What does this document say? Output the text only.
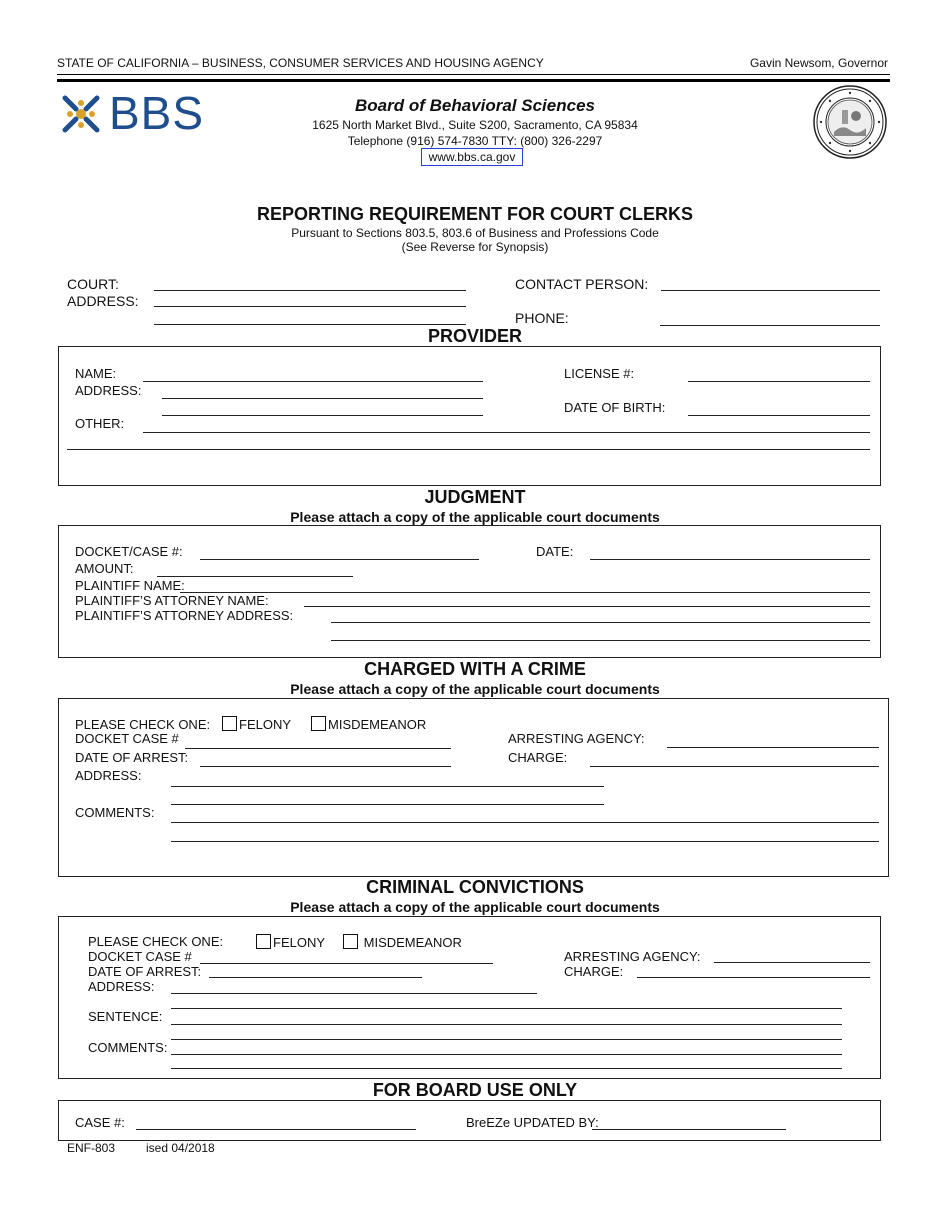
STATE OF CALIFORNIA – BUSINESS, CONSUMER SERVICES AND HOUSING AGENCY	Gavin Newsom, Governor
BBS	Board of Behavioral Sciences
1625 North Market Blvd., Suite S200, Sacramento, CA 95834
Telephone (916) 574-7830 TTY: (800) 326-2297
www.bbs.ca.gov
REPORTING REQUIREMENT FOR COURT CLERKS
Pursuant to Sections 803.5, 803.6 of Business and Professions Code
(See Reverse for Synopsis)
COURT:
ADDRESS:
CONTACT PERSON:
PHONE:
PROVIDER
NAME:
ADDRESS:
OTHER:
LICENSE #:
DATE OF BIRTH:
JUDGMENT
Please attach a copy of the applicable court documents
DOCKET/CASE #:	DATE:
AMOUNT:
PLAINTIFF NAME:
PLAINTIFF’S ATTORNEY NAME:
PLAINTIFF’S ATTORNEY ADDRESS:
CHARGED WITH A CRIME
Please attach a copy of the applicable court documents
PLEASE CHECK ONE:	FELONY	MISDEMEANOR
DOCKET CASE #
DATE OF ARREST:
ADDRESS:
COMMENTS:
ARRESTING AGENCY:
CHARGE:
CRIMINAL CONVICTIONS
Please attach a copy of the applicable court documents
PLEASE CHECK ONE:	FELONY	MISDEMEANOR
DOCKET CASE #
DATE OF ARREST:
ADDRESS:
SENTENCE:
COMMENTS:
ARRESTING AGENCY:
CHARGE:
FOR BOARD USE ONLY
CASE #:	BreEZe UPDATED BY:
ENF-803	ised 04/2018
